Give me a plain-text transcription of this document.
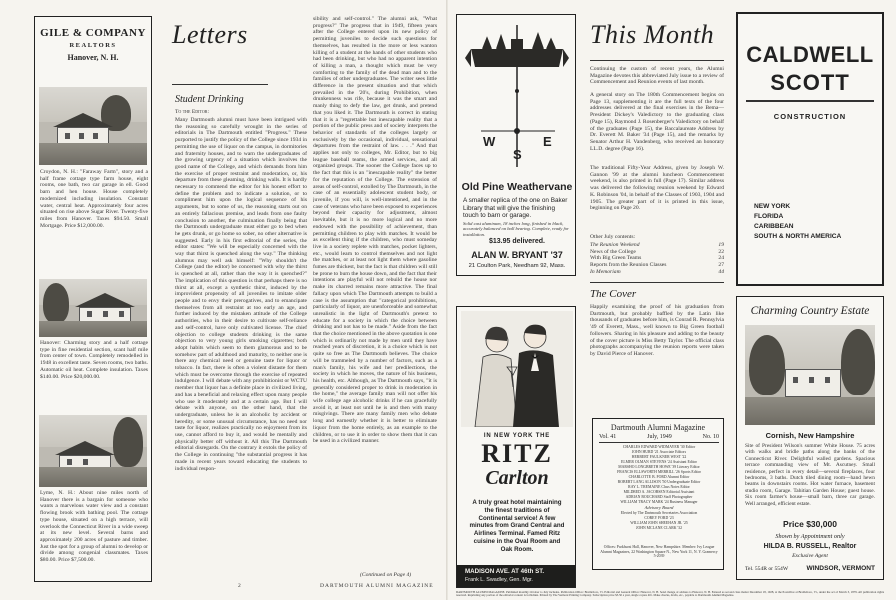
GILE & COMPANY
REALTORS
Hanover, N. H.
Croydon, N. H.: "Faraway Farm", story and a half frame cottage type farm house, eight rooms, one bath, two car garage in ell. Good barn and hen house. House completely modernized including insulation. Constant water, central heat. Approximately four acres situated on rise above Sugar River. Twenty-five miles from Hanover. Taxes $94.50. Small Mortgage. Price $12,000.00.
Hanover: Charming story and a half cottage type in fine residential section, scant half mile from center of town. Completely remodelled in 1948 in excellent taste. Seven rooms, two baths. Automatic oil heat. Complete insulation. Taxes $140.00. Price $20,000.00.
Lyme, N. H.: About nine miles north of Hanover there is a bargain for someone who wants a marvelous water view and a constant flowing brook with bathing pool. The cottage type house, situated on a high terrace, will overlook the Connecticut River in a wide sweep at its new level. Several barns and approximately 200 acres of pasture and timber. Just the spot for a group of alumni to develop or divide among congenial classmates. Taxes $80.00. Price $7,500.00.
Letters
Student Drinking
To the Editor:
Many Dartmouth alumni must have been intrigued with the reasoning so carefully wrought in the series of editorials in The Dartmouth entitled "Progress." These purported to justify the policy of the College since 1934 in permitting the use of liquor on the campus, in dormitories and fraternity houses, and to warn the undergraduates of the growing urgency of a situation which involves the good name of the College, and which demands from him the exercise of proper restraint and moderation, or, his departure from these gleaming, drinking walls. It is hardly necessary to commend the editor for his honest effort to define the problem and to indicate a solution, or to compliment him upon the logical sequence of his arguments, but to some of us, the reasoning starts out on an entirely fallacious premise, and leads from one faulty conclusion to another, the culmination finally being that the Dartmouth undergraduate must either go to bed when he gets drunk, or go home so sober, no other alternative is suggested. Early in his first editorial of the series, the editor states: "We will be especially concerned with the way that thirst is quenched along the way." The thinking alumnus may well ask himself: "Why shouldn't the College (and the editor) be concerned with why the thirst is quenched at all, rather than the way it is quenched?" The implication of this question is that perhaps there is no thirst at all, except a synthetic thirst, induced by the improvident propensity of all juveniles to imitate older people and to envy their prerogatives, and to emancipate themselves from all restraint at too early an age, and further induced by the mistaken attitude of the College authorities, who in their desire to cultivate self-reliance and self-control, have only cultivated license. The chief objection to college students drinking is the same objection to very young girls smoking cigarettes; both adopt habits which seem to them glamorous and to be somehow part of adulthood and maturity, to neither one is there any chemical need or genuine taste for liquor or tobacco. In fact, there is often a violent distaste for them which must be overcome through the exercise of repeated indulgence. I will debate with any prohibitionist or WCTU member that liquor has a definite place in civilized living, and has a beneficial and relaxing effect upon many people who use it moderately and at a certain age. But I will debate with anyone, on the other hand, that the undergraduate, unless he is an alcoholic by accident or heredity, or some unusual circumstance, has no need nor taste for liquor, realizes practically no enjoyment from its use, cannot afford to buy it, and would be mentally and physically better off without it. All this The Dartmouth editorial disregards. On the contrary it extols the policy of the College in continuing "the substantial progress it has made in recent years toward educating the students to individual respon-
sibility and self-control." The alumni ask, "What progress?" The progress that in 1949, fifteen years after the College entered upon its new policy of permitting juveniles to decide such questions for themselves, has resulted in the more or less wanton killing of a student at the hands of other students who had been drinking, but who had no apparent intention of killing a man, a thought which must be very comforting to the family of the dead man and to the families of other undergraduates. The writer sees little difference in the present situation and that which prevailed in the '20's, during Prohibition, when drunkenness was rife, because it was the smart and manly thing to defy the law, get drunk, and pretend that you liked it. The Dartmouth is correct in stating that it is a "regrettable but inescapable reality that a portion of the public press and of society interprets the behavior of standards of the colleges largely or exclusively by the occasional, individual, sensational departures from the restraint of law. . . ." And that applies not only to colleges, Mr. Editor, but to big league baseball teams, the armed services, and all organized groups. The sooner the College faces up to the fact that this is an "inescapable reality" the better for the reputation of the College. The extension of areas of self-control, extolled by The Dartmouth, in the case of an essentially adolescent student body, or juvenile, if you will, is well-intentioned, and in the case of veterans who have been exposed to experiences beyond their capacity for adjustment, almost inevitable, but it is no more logical and no more endowed with the possibility of achievement, than permitting children to play with matches. It would be as excellent thing if the children, who must someday live in a society replete with matches, pocket lighters, etc., would learn to control themselves and not light the matches, or at least not light them where gasoline fumes are thickest, but the fact is that children will still be prone to burn the house down, and the fact that their intentions are playful will not rebuild the house nor make its charred remains more attractive. The final fallacy upon which The Dartmouth attempts to build a case is the assumption that "categorical prohibitions, particularly of liquor, are unenforceable and somewhat unrealistic in the light of Dartmouth's pretext to educate for a society in which the choice between drinking and not has to be made." Aside from the fact that the choice mentioned in the above quotation is one which is ordinarily not made by men until they have reached years of discretion, it is a choice which is not quite so free as The Dartmouth believes. The choice will be trammeled by a number of factors, such as a man's family, his wife and her predilections, the society in which he moves, the nature of his business, his health, etc. Although, as The Dartmouth says, "it is generally considered proper to drink in moderation in the home," the average family man will not offer his wife college age alcoholic drinks if he can gracefully avoid it, at least not until he is and then with many misgivings. There are many family men who debate long and earnestly whether it is better to eliminate liquor from the home entirely, as an example to the children, or to use it in order to show them that it can be used in a civilized manner.
(Continued on Page 4)
2	DARTMOUTH ALUMNI MAGAZINE
W
S
E
Old Pine Weathervane
A smaller replica of the one on Baker Library that will give the finishing touch to barn or garage.
Solid cast aluminum, 18 inches long, finished in black, accurately balanced on ball bearing. Complete, ready for installation.
$13.95 delivered.
ALAN W. BRYANT '37
21 Coulton Park, Needham 92, Mass.
IN NEW YORK THE
RITZ
Carlton
A truly great hotel maintaining the finest traditions of Continental service! A few minutes from Grand Central and Airlines Terminal. Famed Ritz cuisine in the Oval Room and Oak Room.
MADISON AVE. AT 46th ST.
Frank L. Swadley, Gen. Mgr.
This Month
Continuing the custom of recent years, the Alumni Magazine devotes this abbreviated July issue to a review of Commencement and Reunion events of last month.
A general story on The 180th Commencement begins on Page 13, supplementing it are the full texts of the four addresses delivered at the final exercises in the Bema—President Dickey's Valedictory to the graduating class (Page 15), Raymond J. Rosenberger's Valedictory on behalf of the graduates (Page 15), the Baccalaureate Address by Dr. Everett M. Baker '34 (Page 15), and the remarks by Senator Arthur H. Vandenberg, who received an honorary LL.D. degree (Page 16).
The traditional Fifty-Year Address, given by Joseph W. Gannon '99 at the alumni luncheon Commencement weekend, is also printed in full (Page 17). Similar address was delivered the following reunion weekend by Edward K. Robinson '04, in behalf of the Classes of 1903, 1904 and 1905. The greater part of it is printed in this issue, beginning on Page 20.
Other July contents:
The Reunion Weekend	19
News of the College	22
With Big Green Teams	24
Reports from the Reunion Classes	27
In Memoriam	44
The Cover
Happily examining the proof of his graduation from Dartmouth, but probably baffled by the Latin like thousands of graduates before him, is Conrad R. Pennsylvia '49 of Everett, Mass., well known to Big Green football followers. Sharing in his pleasure and adding to the beauty of the cover picture is Miss Betty Taylor. The official class photographs accompanying the reunion reports were taken by David Pierce of Hanover.
Dartmouth Alumni Magazine
Vol. 41	July, 1949	No. 10
CHARLES EDWARD WIDMAYER '30 Editor
JOHN HURD '21 Associate Editors
HERBERT FAULKNER WEST '22
ELMER OLMAN STEVENS '24 Assistant Editor
MARSHO LONGBRETH HOWE '39 Literary Editor
FRANCIS ELLSWORTH MERRILL '26 Sports Editor
CHARLOTTE B. FORD Alumni Editor
ROBERT LANG ALLISON '50 Undergraduate Editor
RAY L. TREMAINE Class Notes Editor
MILDRED A. JACOBSEN Editorial Assistant
ADRIAN BOUCHARD Staff Photographer
WILLIAM TRACY MARK '24 Business Manager
Advisory Board
Elected by The Dartmouth Secretaries Association
COREY FORD '23
WILLIAM JOHN SHEEHAN JR. '25
JOHN MCLANE CLARK '32
Offices: Parkhurst Hall, Hanover, New Hampshire. Member: Ivy League Alumni Magazines, 22 Washington Square N., New York 11, N. Y. Gramercy 5-2039
CALDWELL
SCOTT
CONSTRUCTION
NEW YORK
FLORIDA
CARIBBEAN
SOUTH & NORTH AMERICA
Charming Country Estate
Cornish, New Hampshire
Site of President Wilson's summer White House. 75 acres with walks and bridle paths along the banks of the Connecticut River. Delightful walled gardens. Spacious terrace commanding view of Mt. Ascutney. Small residence, perfect in every detail—several fireplaces, four bedrooms, 3 baths. Dutch tiled dining room—hand hewn beams in downstairs rooms. Hot water furnace, basement studio room, Garage. Tahitian Garden House; guest house. Six room farmer's house—small barn, three car garage. Well arranged, efficient estate.
Price $30,000
Shown by Appointment only
HILDA B. RUSSELL, Realtor
Exclusive Agent
Tel. 554R or 554W	WINDSOR, VERMONT
DARTMOUTH ALUMNI MAGAZINE. Published monthly October to July includes. Publication Office: Brattleboro, Vt. Editorial and General Office: Hanover, N. H. Send change of address to Hanover, N. H. Entered as second class matter December 18, 1928, at the Postoffice at Brattleboro, Vt., under the act of March 3, 1879. All publication rights reserved. Reprinting any portion of the editorial content is forbidden. Printed by The Vermont Printing Company. Subscription price $3.50 a year, single copies 40c. Make checks, drafts, etc., payable to Dartmouth Alumni Magazine.
